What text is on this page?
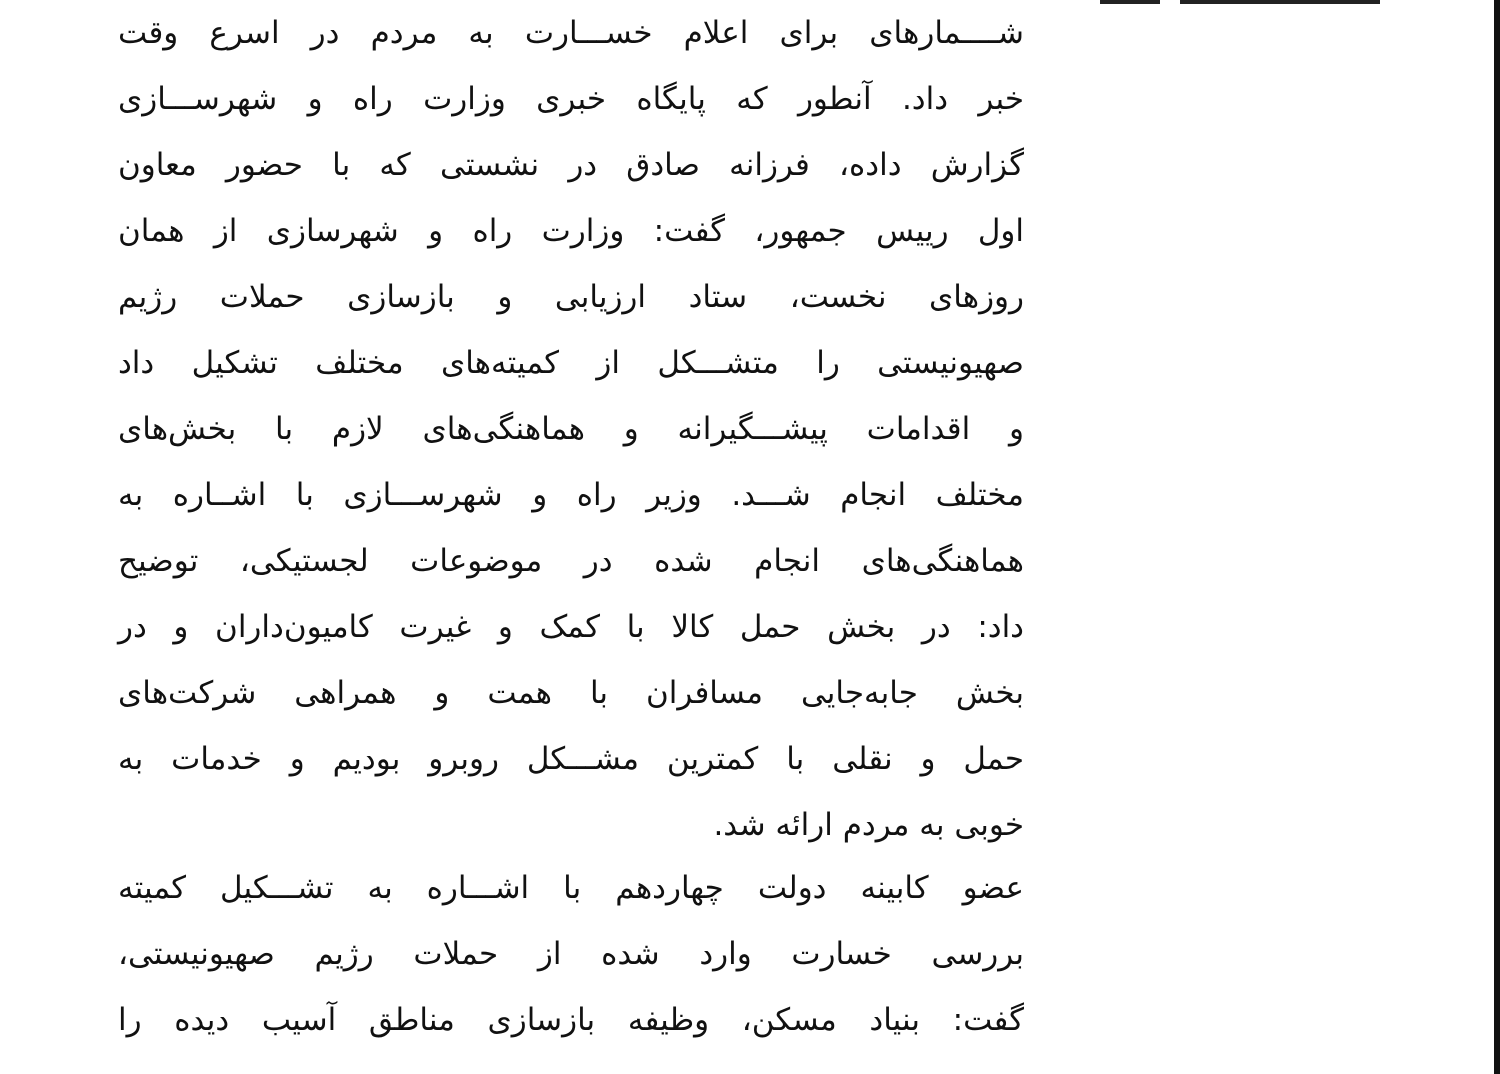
شــــمارهای برای اعلام خســـارت به مردم در اسرع وقت
خبر داد. آنطور که پایگاه خبری وزارت راه و شهرســـازی
گزارش داده، فرزانه صادق در نشستی که با حضور معاون
اول رییس جمهور، گفت: وزارت راه و شهرسازی از همان
روزهای نخست، ستاد ارزیابی و بازسازی حملات رژیم
صهیونیستی را متشـــکل از کمیته‌های مختلف تشکیل داد
و اقدامات پیشـــگیرانه و هماهنگی‌های لازم با بخش‌های
مختلف انجام شـــد. وزیر راه و شهرســـازی با اشــاره به
هماهنگی‌های انجام شده در موضوعات لجستیکی، توضیح
داد: در بخش حمل کالا با کمک و غیرت کامیون‌داران و در
بخش جابه‌جایی مسافران با همت و همراهی شرکت‌های
حمل و نقلی با کمترین مشـــکل روبرو بودیم و خدمات به
خوبی به مردم ارائه شد.
عضو کابینه دولت چهاردهم با اشـــاره به تشـــکیل کمیته
بررسی خسارت وارد شده از حملات رژیم صهیونیستی،
گفت: بنیاد مسکن، وظیفه بازسازی مناطق آسیب دیده را
